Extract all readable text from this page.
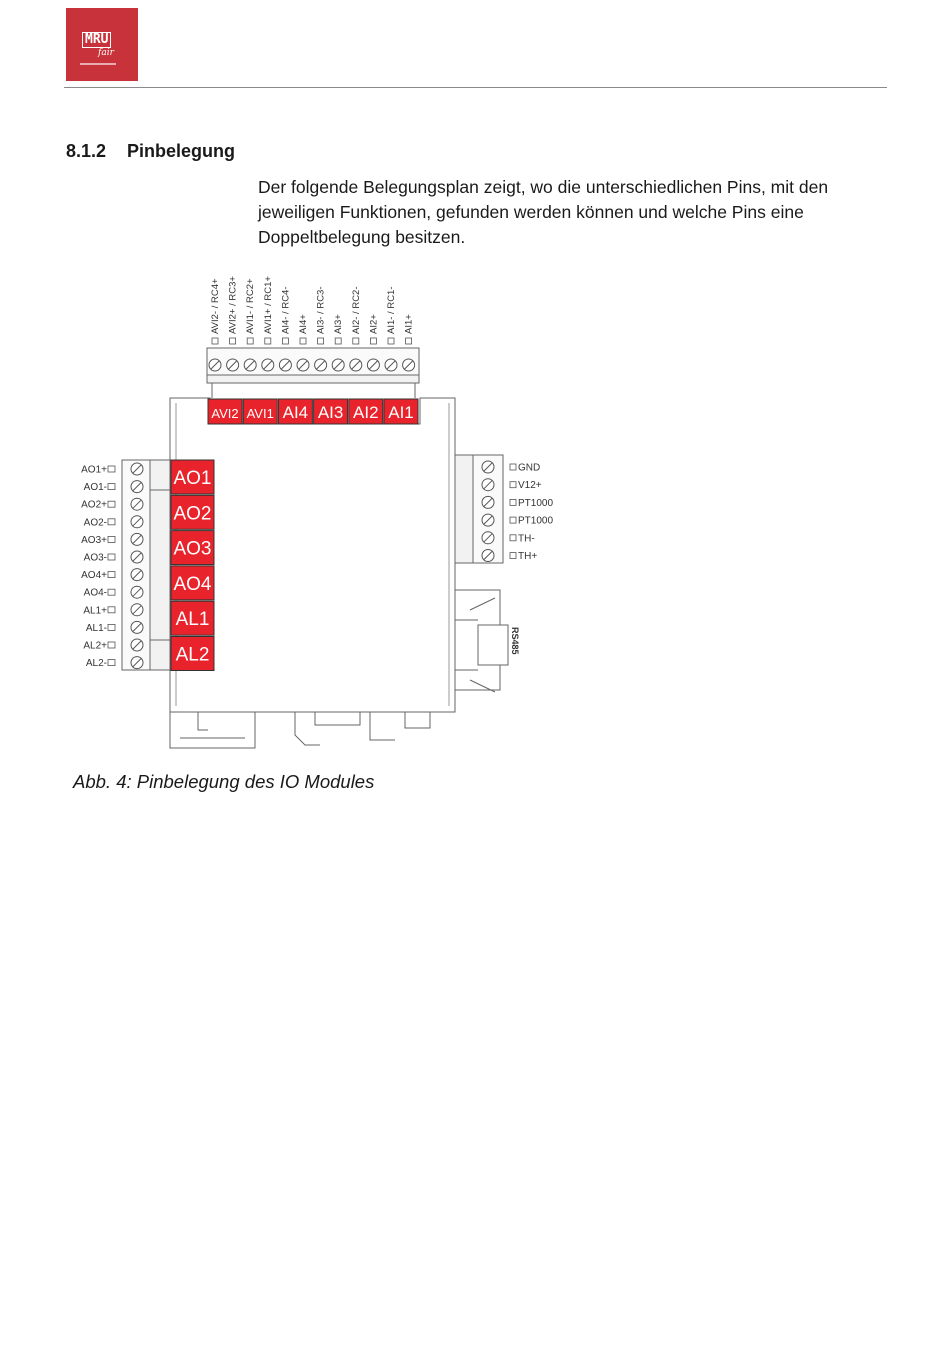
MRU
fair
8.1.2 Pinbelegung
Der folgende Belegungsplan zeigt, wo die unterschiedlichen Pins, mit den jeweiligen Funktionen, gefunden werden können und welche Pins eine Doppeltbelegung besitzen.
AVI2- / RC4+ AVI2+ / RC3+ AVI1- / RC2+ AVI1+ / RC1+ AI4- / RC4- AI4+ AI3- / RC3- AI3+ AI2- / RC2- AI2+ AI1- / RC1- AI1+
AVI2 AVI1 AI4 AI3 AI2 AI1
AO1+
AO1-
AO2+
AO2-
AO3+
AO3-
AO4+
AO4-
AL1+
AL1-
AL2+
AL2-
AO1
AO2
AO3
AO4
AL1
AL2
GND
V12+
PT1000
PT1000
TH-
TH+
RS485
Abb. 4: Pinbelegung des IO Modules
